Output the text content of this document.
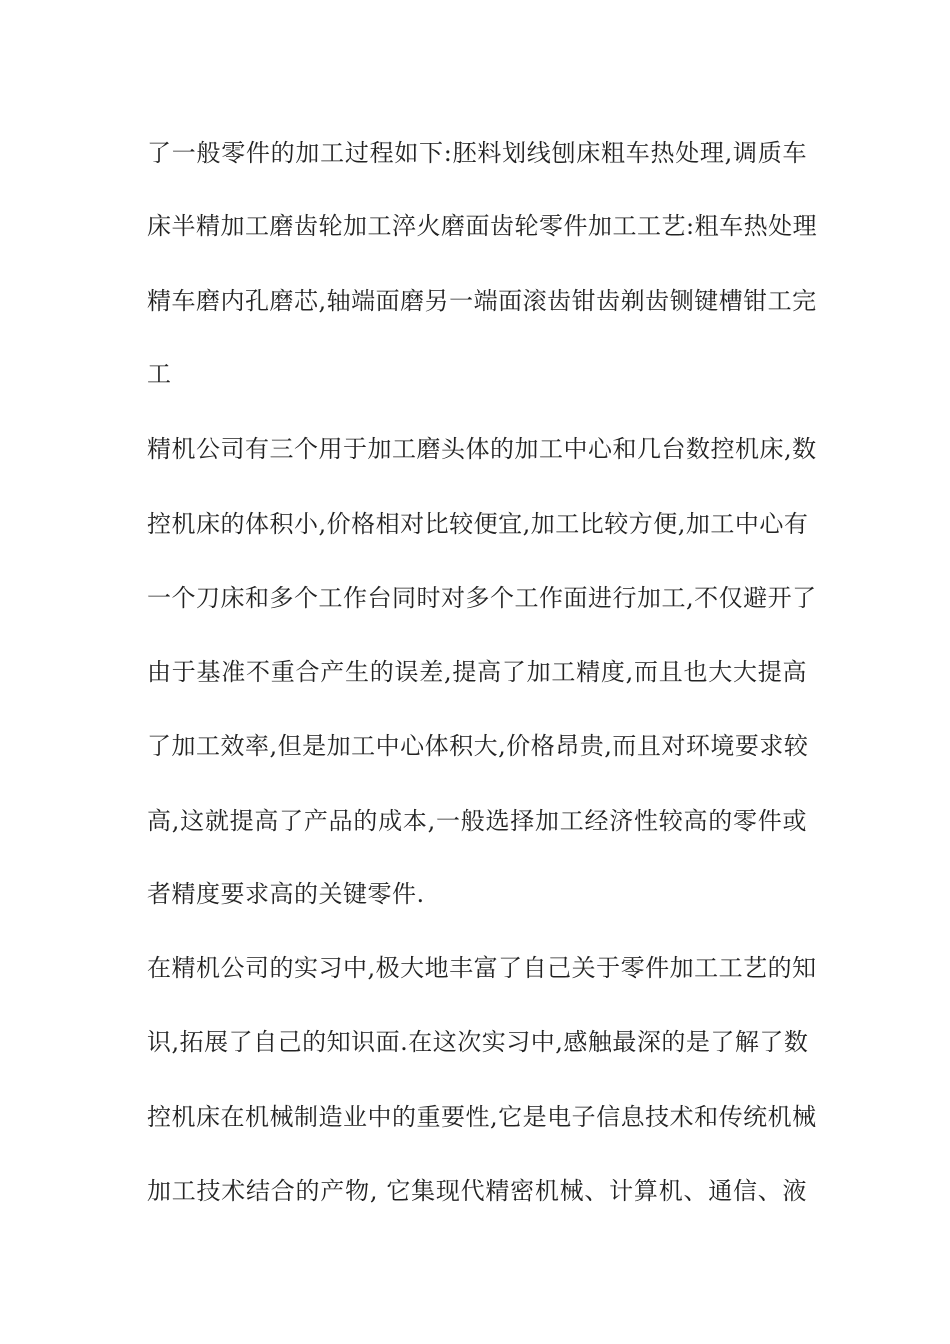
了一般零件的加工过程如下:胚料划线刨床粗车热处理,调质车
床半精加工磨齿轮加工淬火磨面齿轮零件加工工艺:粗车热处理
精车磨内孔磨芯,轴端面磨另一端面滚齿钳齿剃齿铡键槽钳工完
工
精机公司有三个用于加工磨头体的加工中心和几台数控机床,数
控机床的体积小,价格相对比较便宜,加工比较方便,加工中心有
一个刀床和多个工作台同时对多个工作面进行加工,不仅避开了
由于基准不重合产生的误差,提高了加工精度,而且也大大提高
了加工效率,但是加工中心体积大,价格昂贵,而且对环境要求较
高,这就提高了产品的成本,一般选择加工经济性较高的零件或
者精度要求高的关键零件.
在精机公司的实习中,极大地丰富了自己关于零件加工工艺的知
识,拓展了自己的知识面.在这次实习中,感触最深的是了解了数
控机床在机械制造业中的重要性,它是电子信息技术和传统机械
加工技术结合的产物, 它集现代精密机械、计算机、通信、液
